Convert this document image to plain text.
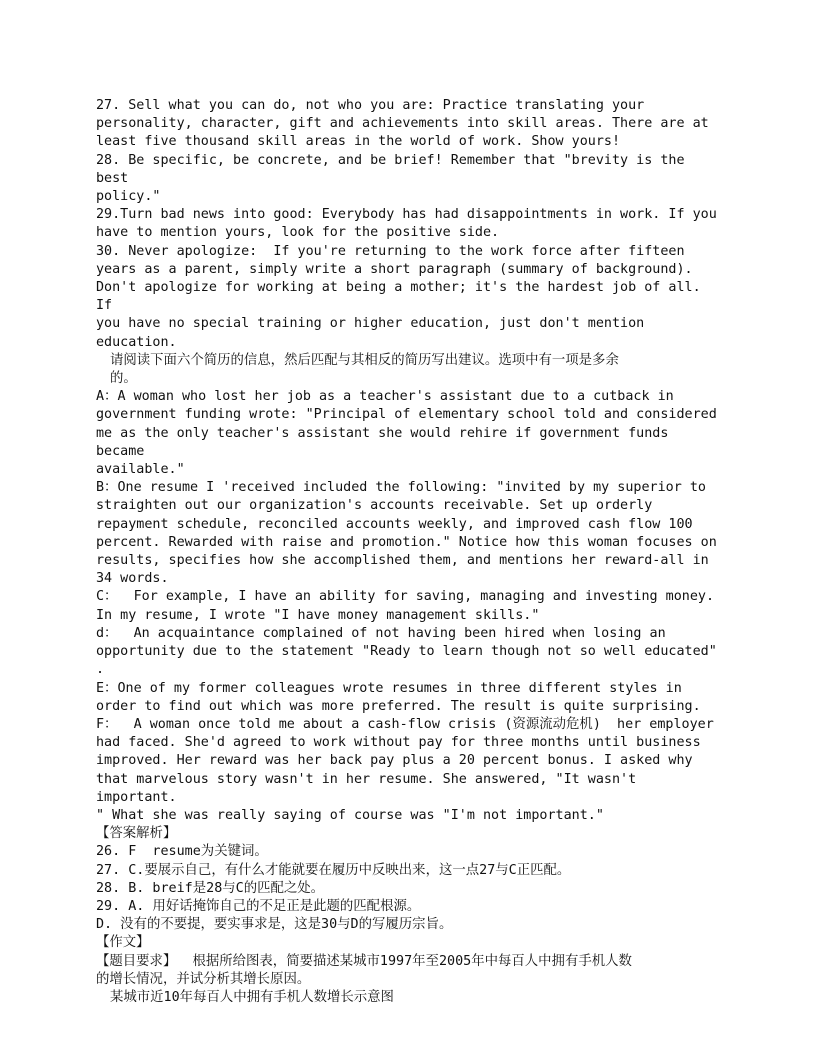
27. Sell what you can do, not who you are: Practice translating your
personality, character, gift and achievements into skill areas. There are at
least five thousand skill areas in the world of work. Show yours!

28. Be specific, be concrete, and be brief! Remember that "brevity is the best
policy."

29.Turn bad news into good: Everybody has had disappointments in work. If you
have to mention yours, look for the positive side.

30. Never apologize:  If you're returning to the work force after fifteen
years as a parent, simply write a short paragraph (summary of background).
Don't apologize for working at being a mother; it's the hardest job of all. If
you have no special training or higher education, just don't mention
education.

请阅读下面六个简历的信息，然后匹配与其相反的简历写出建议。选项中有一项是多余
的。

A：A woman who lost her job as a teacher's assistant due to a cutback in
government funding wrote: "Principal of elementary school told and considered
me as the only teacher's assistant she would rehire if government funds became
available."

B：One resume I 'received included the following: "invited by my superior to
straighten out our organization's accounts receivable. Set up orderly
repayment schedule, reconciled accounts weekly, and improved cash flow 100
percent. Rewarded with raise and promotion." Notice how this woman focuses on
results, specifies how she accomplished them, and mentions her reward-all in
34 words.

C：  For example, I have an ability for saving, managing and investing money.
In my resume, I wrote "I have money management skills."

d：  An acquaintance complained of not having been hired when losing an
opportunity due to the statement "Ready to learn though not so well educated"
.

E：One of my former colleagues wrote resumes in three different styles in
order to find out which was more preferred. The result is quite surprising.

F：  A woman once told me about a cash-flow crisis (资源流动危机)  her employer
had faced. She'd agreed to work without pay for three months until business
improved. Her reward was her back pay plus a 20 percent bonus. I asked why
that marvelous story wasn't in her resume. She answered, "It wasn't important.
" What she was really saying of course was "I'm not important."

【答案解析】

26. F  resume为关键词。

27. C.要展示自己，有什么才能就要在履历中反映出来，这一点27与C正匹配。

28. B. breif是28与C的匹配之处。

29. A. 用好话掩饰自己的不足正是此题的匹配根源。

D. 没有的不要提，要实事求是，这是30与D的写履历宗旨。

【作文】

【题目要求】  根据所给图表，简要描述某城市1997年至2005年中每百人中拥有手机人数
的增长情况，并试分析其增长原因。

某城市近10年每百人中拥有手机人数增长示意图
